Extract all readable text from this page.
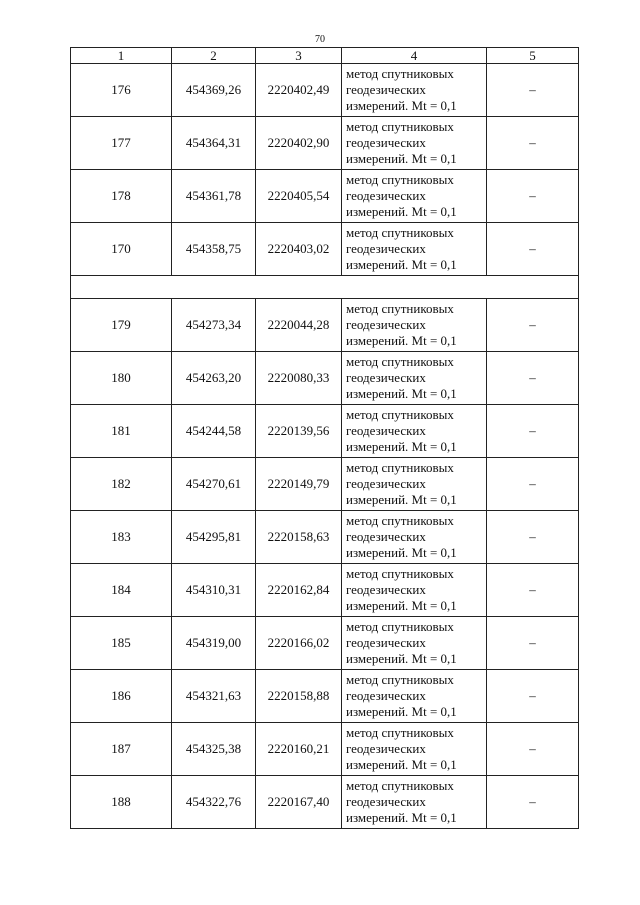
70
1	2	3	4	5
176	454369,26	2220402,49	метод спутниковых
геодезических
измерений. Mt = 0,1	–
177	454364,31	2220402,90	метод спутниковых
геодезических
измерений. Mt = 0,1	–
178	454361,78	2220405,54	метод спутниковых
геодезических
измерений. Mt = 0,1	–
170	454358,75	2220403,02	метод спутниковых
геодезических
измерений. Mt = 0,1	–

179	454273,34	2220044,28	метод спутниковых
геодезических
измерений. Mt = 0,1	–
180	454263,20	2220080,33	метод спутниковых
геодезических
измерений. Mt = 0,1	–
181	454244,58	2220139,56	метод спутниковых
геодезических
измерений. Mt = 0,1	–
182	454270,61	2220149,79	метод спутниковых
геодезических
измерений. Mt = 0,1	–
183	454295,81	2220158,63	метод спутниковых
геодезических
измерений. Mt = 0,1	–
184	454310,31	2220162,84	метод спутниковых
геодезических
измерений. Mt = 0,1	–
185	454319,00	2220166,02	метод спутниковых
геодезических
измерений. Mt = 0,1	–
186	454321,63	2220158,88	метод спутниковых
геодезических
измерений. Mt = 0,1	–
187	454325,38	2220160,21	метод спутниковых
геодезических
измерений. Mt = 0,1	–
188	454322,76	2220167,40	метод спутниковых
геодезических
измерений. Mt = 0,1	–
